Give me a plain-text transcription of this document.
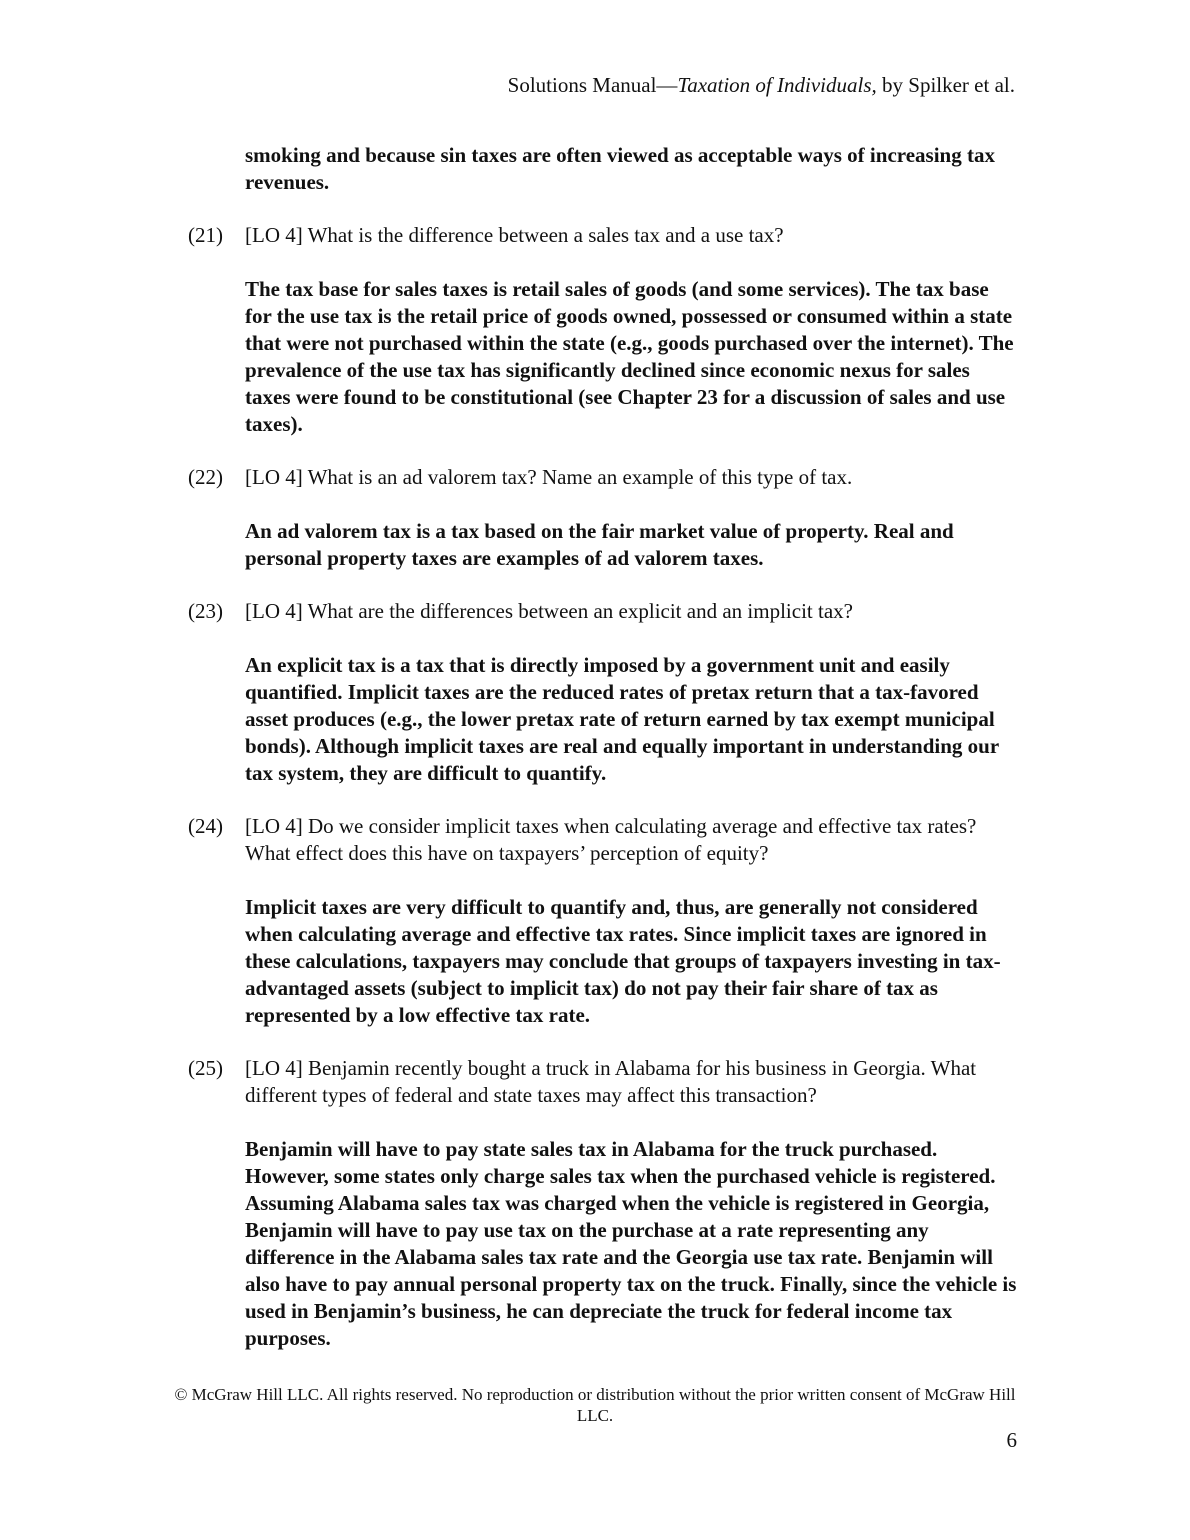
Solutions Manual—Taxation of Individuals, by Spilker et al.
smoking and because sin taxes are often viewed as acceptable ways of increasing tax revenues.
(21)	[LO 4] What is the difference between a sales tax and a use tax?
The tax base for sales taxes is retail sales of goods (and some services). The tax base for the use tax is the retail price of goods owned, possessed or consumed within a state that were not purchased within the state (e.g., goods purchased over the internet). The prevalence of the use tax has significantly declined since economic nexus for sales taxes were found to be constitutional (see Chapter 23 for a discussion of sales and use taxes).
(22)	[LO 4] What is an ad valorem tax? Name an example of this type of tax.
An ad valorem tax is a tax based on the fair market value of property. Real and personal property taxes are examples of ad valorem taxes.
(23)	[LO 4] What are the differences between an explicit and an implicit tax?
An explicit tax is a tax that is directly imposed by a government unit and easily quantified. Implicit taxes are the reduced rates of pretax return that a tax-favored asset produces (e.g., the lower pretax rate of return earned by tax exempt municipal bonds). Although implicit taxes are real and equally important in understanding our tax system, they are difficult to quantify.
(24)	[LO 4] Do we consider implicit taxes when calculating average and effective tax rates? What effect does this have on taxpayers’ perception of equity?
Implicit taxes are very difficult to quantify and, thus, are generally not considered when calculating average and effective tax rates. Since implicit taxes are ignored in these calculations, taxpayers may conclude that groups of taxpayers investing in tax-advantaged assets (subject to implicit tax) do not pay their fair share of tax as represented by a low effective tax rate.
(25)	[LO 4] Benjamin recently bought a truck in Alabama for his business in Georgia. What different types of federal and state taxes may affect this transaction?
Benjamin will have to pay state sales tax in Alabama for the truck purchased. However, some states only charge sales tax when the purchased vehicle is registered. Assuming Alabama sales tax was charged when the vehicle is registered in Georgia, Benjamin will have to pay use tax on the purchase at a rate representing any difference in the Alabama sales tax rate and the Georgia use tax rate. Benjamin will also have to pay annual personal property tax on the truck. Finally, since the vehicle is used in Benjamin’s business, he can depreciate the truck for federal income tax purposes.
© McGraw Hill LLC. All rights reserved. No reproduction or distribution without the prior written consent of McGraw Hill LLC.
6
